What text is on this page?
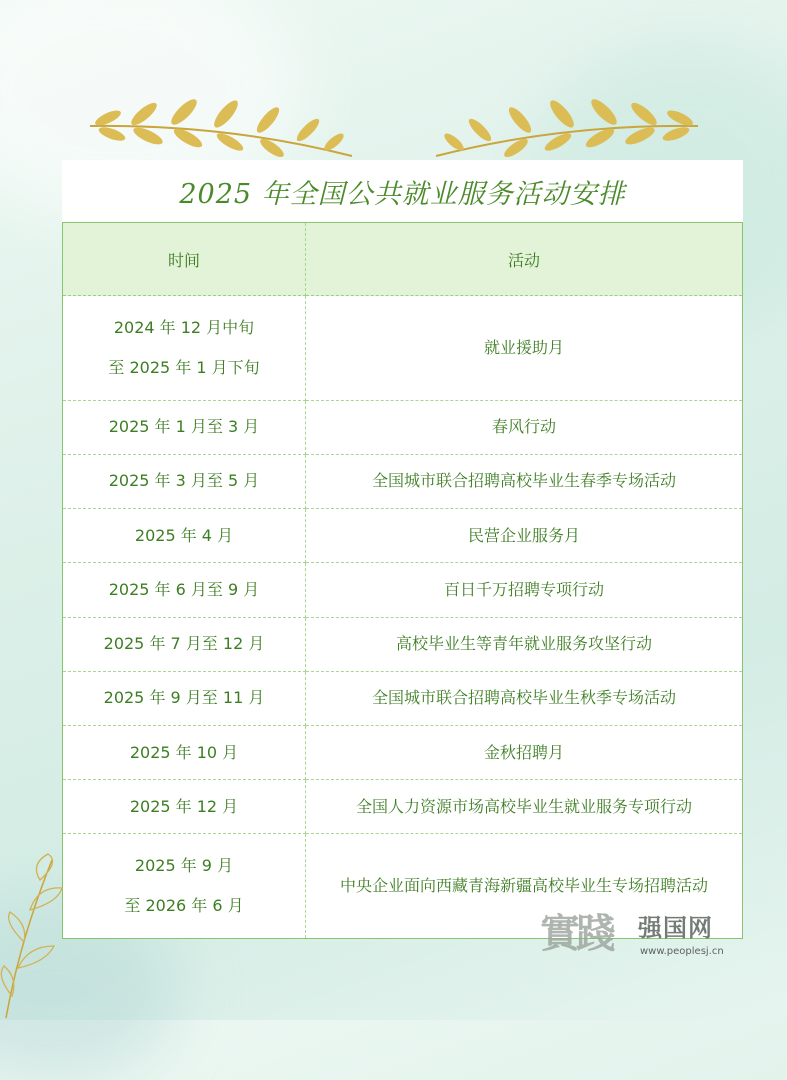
2025 年全国公共就业服务活动安排
时间	活动

2024 年 12 月中旬
至 2025 年 1 月下旬	就业援助月

2025 年 1 月至 3 月	春风行动

2025 年 3 月至 5 月	全国城市联合招聘高校毕业生春季专场活动

2025 年 4 月	民营企业服务月

2025 年 6 月至 9 月	百日千万招聘专项行动

2025 年 7 月至 12 月	高校毕业生等青年就业服务攻坚行动

2025 年 9 月至 11 月	全国城市联合招聘高校毕业生秋季专场活动

2025 年 10 月	金秋招聘月

2025 年 12 月	全国人力资源市场高校毕业生就业服务专项行动

2025 年 9 月
至 2026 年 6 月	中央企业面向西藏青海新疆高校毕业生专场招聘活动
實踐 强国网
www.peoplesj.cn
